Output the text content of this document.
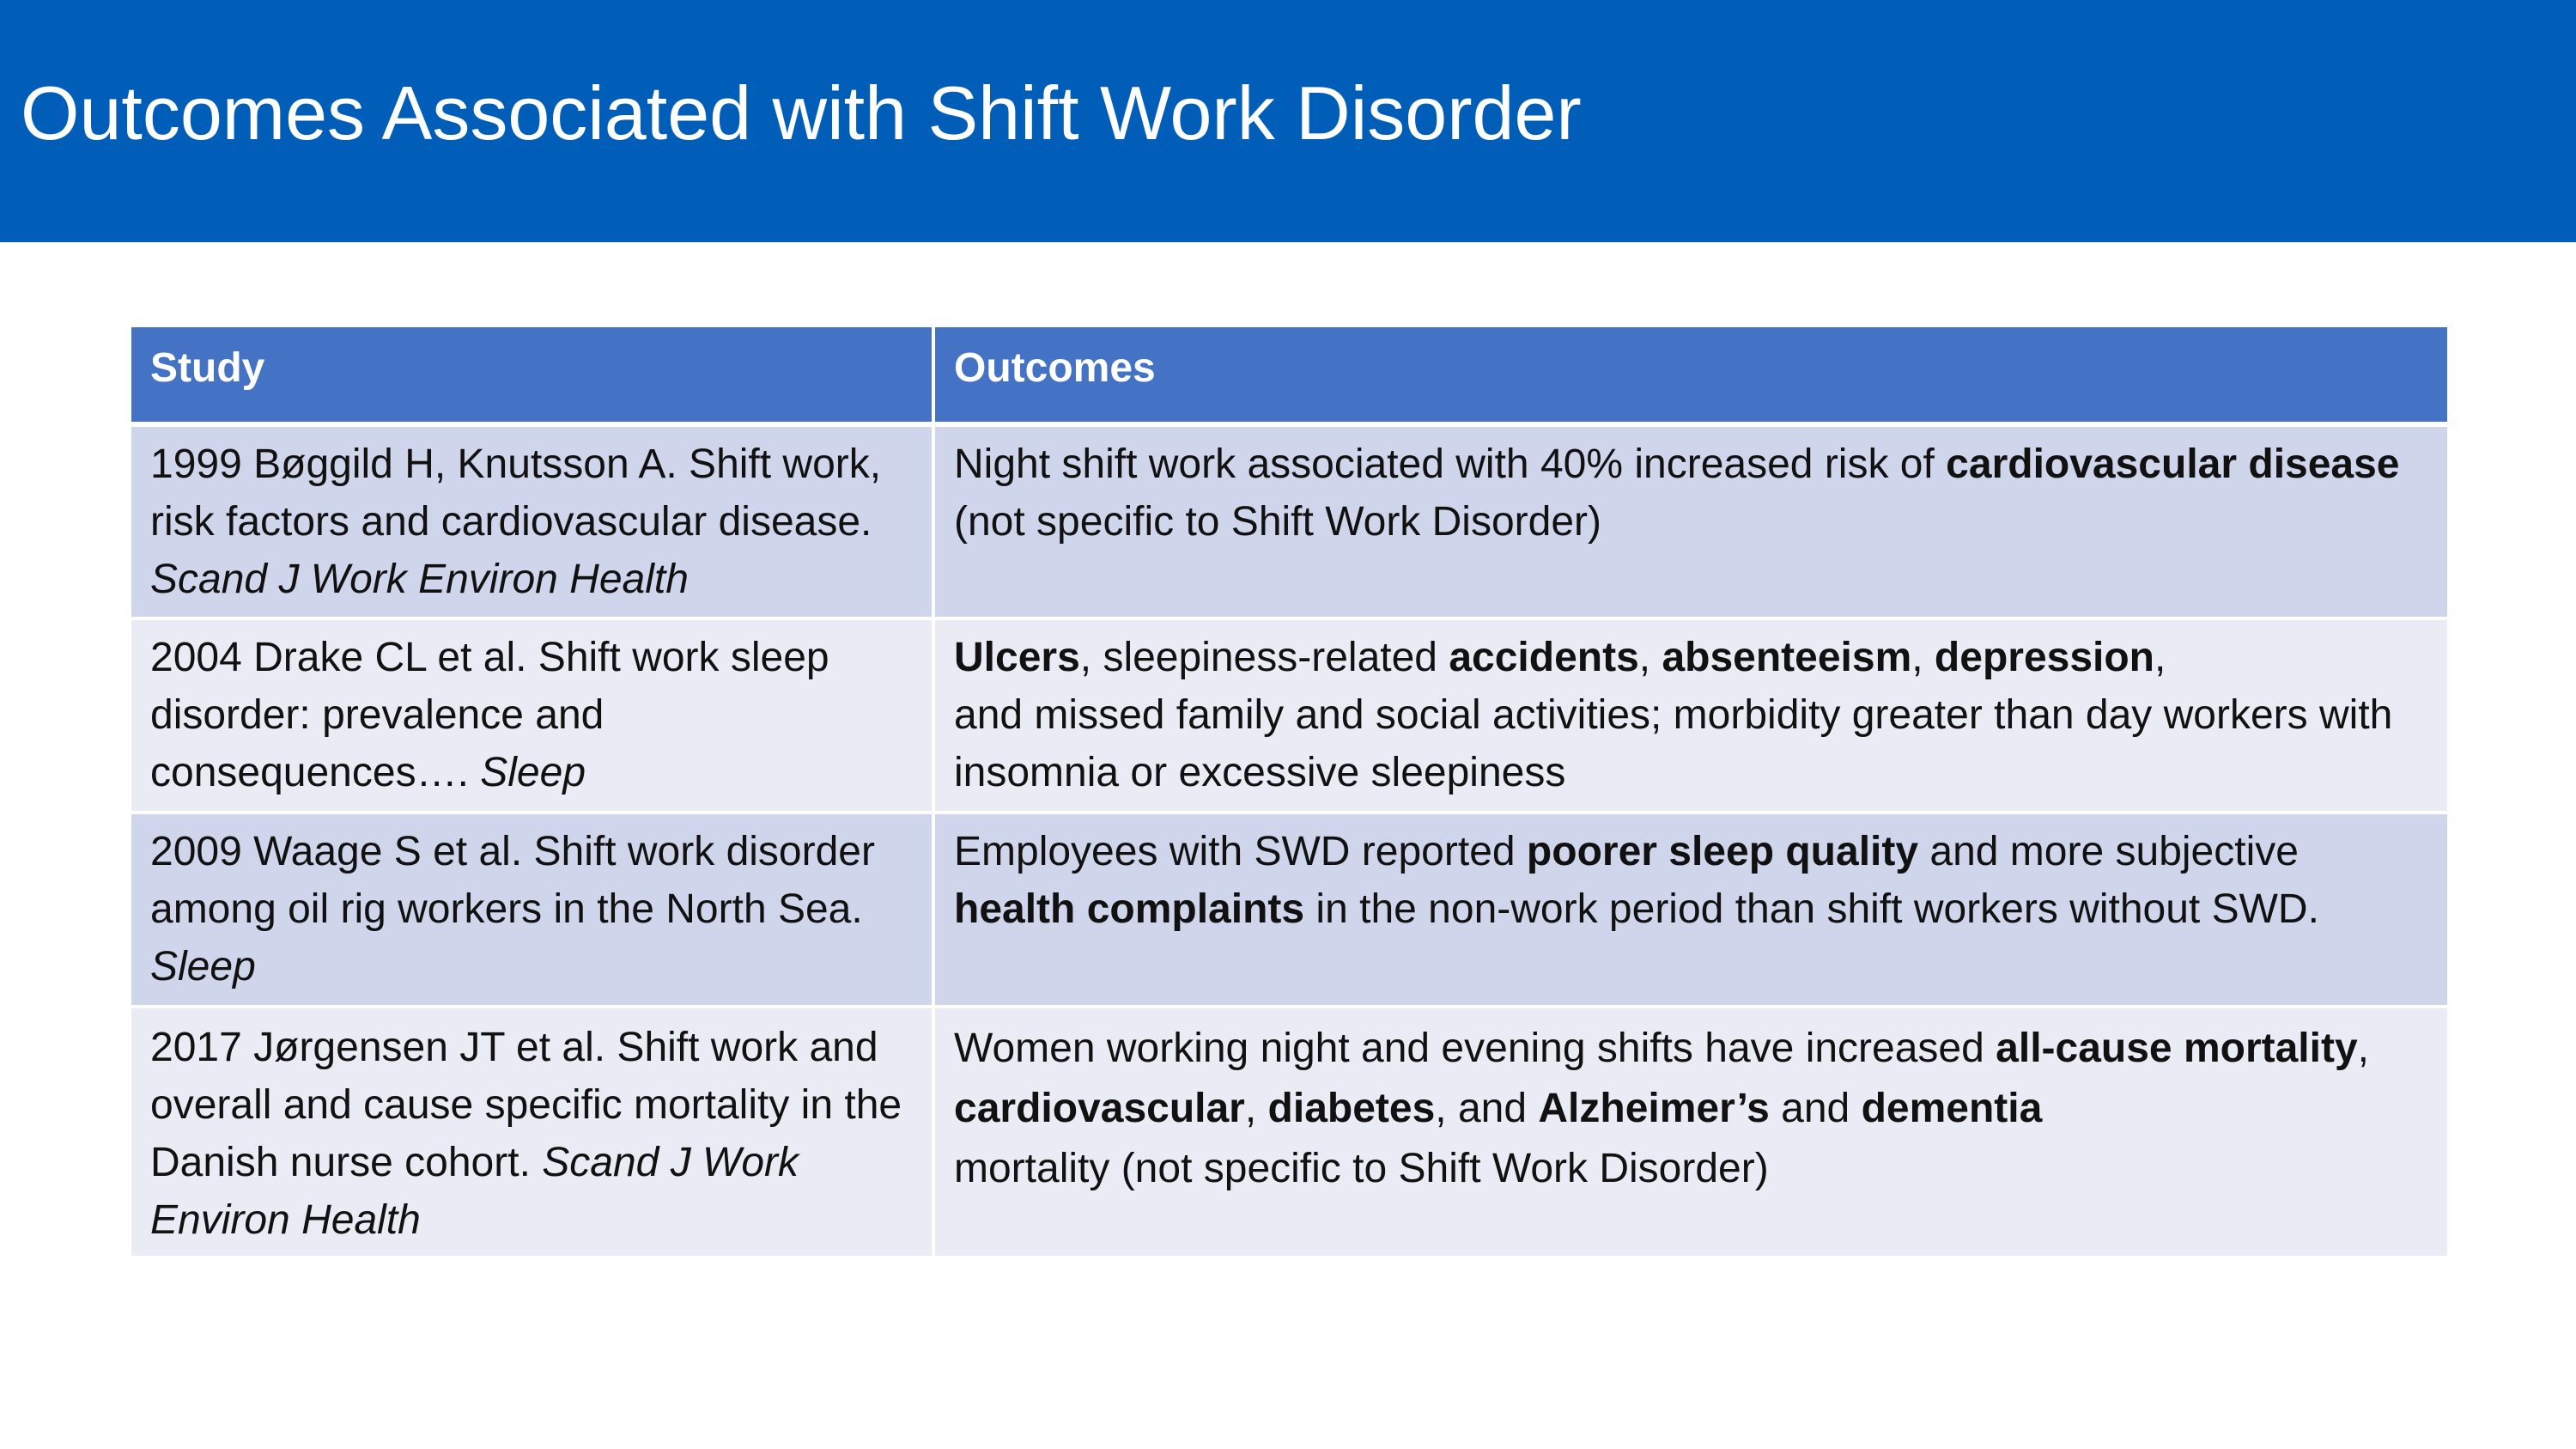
Outcomes Associated with Shift Work Disorder
Study	Outcomes
1999 Bøggild H, Knutsson A. Shift work, risk factors and cardiovascular disease. Scand J Work Environ Health	Night shift work associated with 40% increased risk of cardiovascular disease (not specific to Shift Work Disorder)
2004 Drake CL et al. Shift work sleep disorder: prevalence and consequences…. Sleep	Ulcers, sleepiness-related accidents, absenteeism, depression,
and missed family and social activities; morbidity greater than day workers with insomnia or excessive sleepiness
2009 Waage S et al. Shift work disorder among oil rig workers in the North Sea. Sleep	Employees with SWD reported poorer sleep quality and more subjective health complaints in the non-work period than shift workers without SWD.
2017 Jørgensen JT et al. Shift work and overall and cause specific mortality in the Danish nurse cohort. Scand J Work Environ Health	Women working night and evening shifts have increased all-cause mortality, cardiovascular, diabetes, and Alzheimer’s and dementia
mortality (not specific to Shift Work Disorder)
